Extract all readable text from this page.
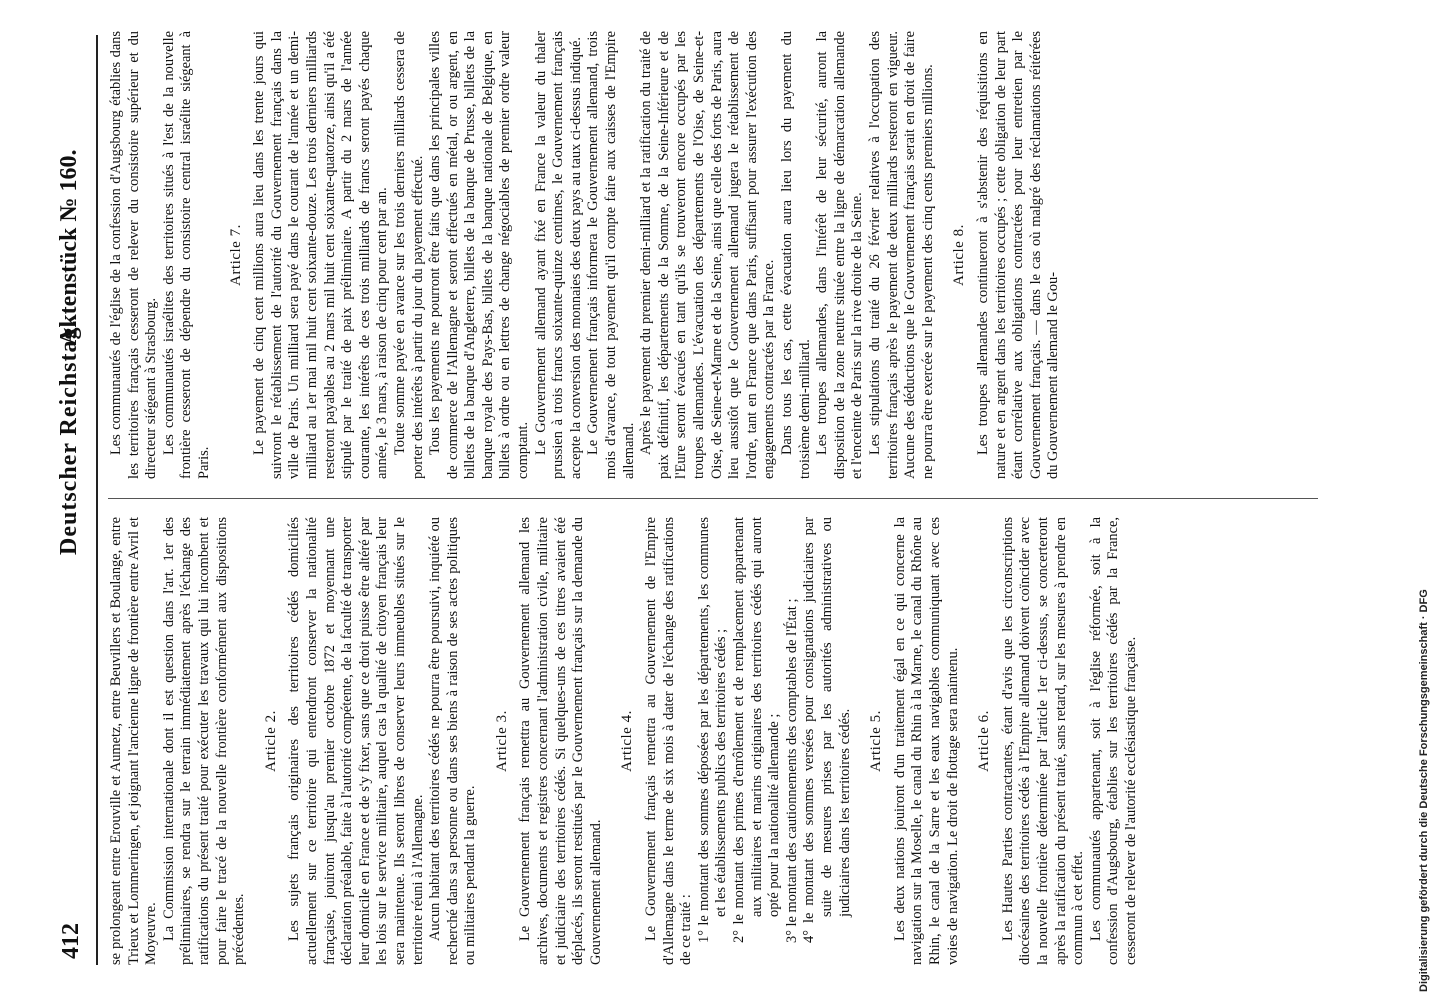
412
Deutscher Reichstag.
Aktenstück № 160.

se prolongeant entre Erouville et Aumetz, entre Beuvillers et Boulange, entre Trieux et Lommeringen, et joignant l'ancienne ligne de frontière entre Avril et Moyeuvre. La Commission internationale dont il est question dans l'art. 1er des préliminaires, se rendra sur le terrain immédiatement après l'échange des ratifications du présent traité pour exécuter les travaux qui lui incombent et pour faire le tracé de la nouvelle frontière conformément aux dispositions précédentes.

Article 2. Les sujets français originaires des territoires cédés domiciliés actuellement sur ce territoire qui entendront conserver la nationalité française, jouiront jusqu'au premier octobre 1872 et moyennant une déclaration préalable, faite à l'autorité compétente, de la faculté de transporter leur domicile en France et de s'y fixer, sans que ce droit puisse être altéré par les lois sur le service militaire, auquel cas la qualité de citoyen français leur sera maintenue. Ils seront libres de conserver leurs immeubles situés sur le territoire réuni à l'Allemagne. Aucun habitant des territoires cédés ne pourra être poursuivi, inquiété ou recherché dans sa personne ou dans ses biens à raison de ses actes politiques ou militaires pendant la guerre.

Article 3. Le Gouvernement français remettra au Gouvernement allemand les archives, documents et registres concernant l'administration civile, militaire et judiciaire des territoires cédés. Si quelques-uns de ces titres avaient été déplacés, ils seront restitués par le Gouvernement français sur la demande du Gouvernement allemand.

Article 4. Le Gouvernement français remettra au Gouvernement de l'Empire d'Allemagne dans le terme de six mois à dater de l'échange des ratifications de ce traité : 1° le montant des sommes déposées par les départements, les communes et les établissements publics des territoires cédés ; 2° le montant des primes d'enrôlement et de remplacement appartenant aux militaires et marins originaires des territoires cédés qui auront opté pour la nationalité allemande ; 3° le montant des cautionnements des comptables de l'État ; 4° le montant des sommes versées pour consignations judiciaires par suite de mesures prises par les autorités administratives ou judiciaires dans les territoires cédés. Article 5. Les deux nations jouiront d'un traitement égal en ce qui concerne la navigation sur la Moselle, le canal du Rhin à la Marne, le canal du Rhône au Rhin, le canal de la Sarre et les eaux navigables communiquant avec ces voies de navigation. Le droit de flottage sera maintenu. Article 6. Les Hautes Parties contractantes, étant d'avis que les circonscriptions diocésaines des territoires cédés à l'Empire allemand doivent coïncider avec la nouvelle frontière déterminée par l'article 1er ci-dessus, se concerteront après la ratification du présent traité, sans retard, sur les mesures à prendre en commun à cet effet. Les communautés appartenant, soit à l'église réformée, soit à la confession d'Augsbourg, établies sur les territoires cédés par la France, cesseront de relever de l'autorité ecclésiastique française.

Les communautés de l'église de la confession d'Augsbourg établies dans les territoires français cesseront de relever du consistoire supérieur et du directeur siégeant à Strasbourg. Les communautés israélites des territoires situés à l'est de la nouvelle frontière cesseront de dépendre du consistoire central israélite siégeant à Paris.

Article 7. Le payement de cinq cent millions aura lieu dans les trente jours qui suivront le rétablissement de l'autorité du Gouvernement français dans la ville de Paris. Un milliard sera payé dans le courant de l'année et un demi-milliard au 1er mai mil huit cent soixante-douze. Les trois derniers milliards resteront payables au 2 mars mil huit cent soixante-quatorze, ainsi qu'il a été stipulé par le traité de paix préliminaire. A partir du 2 mars de l'année courante, les intérêts de ces trois milliards de francs seront payés chaque année, le 3 mars, à raison de cinq pour cent par an. Toute somme payée en avance sur les trois derniers milliards cessera de porter des intérêts à partir du jour du payement effectué. Tous les payements ne pourront être faits que dans les principales villes de commerce de l'Allemagne et seront effectués en métal, or ou argent, en billets de la banque d'Angleterre, billets de la banque de Prusse, billets de la banque royale des Pays-Bas, billets de la banque nationale de Belgique, en billets à ordre ou en lettres de change négociables de premier ordre valeur comptant. Le Gouvernement allemand ayant fixé en France la valeur du thaler prussien à trois francs soixante-quinze centimes, le Gouvernement français accepte la conversion des monnaies des deux pays au taux ci-dessus indiqué. Le Gouvernement français informera le Gouvernement allemand, trois mois d'avance, de tout payement qu'il compte faire aux caisses de l'Empire allemand. Après le payement du premier demi-milliard et la ratification du traité de paix définitif, les départements de la Somme, de la Seine-Inférieure et de l'Eure seront évacués en tant qu'ils se trouveront encore occupés par les troupes allemandes. L'évacuation des départements de l'Oise, de Seine-et-Oise, de Seine-et-Marne et de la Seine, ainsi que celle des forts de Paris, aura lieu aussitôt que le Gouvernement allemand jugera le rétablissement de l'ordre, tant en France que dans Paris, suffisant pour assurer l'exécution des engagements contractés par la France. Dans tous les cas, cette évacuation aura lieu lors du payement du troisième demi-milliard. Les troupes allemandes, dans l'intérêt de leur sécurité, auront la disposition de la zone neutre située entre la ligne de démarcation allemande et l'enceinte de Paris sur la rive droite de la Seine. Les stipulations du traité du 26 février relatives à l'occupation des territoires français après le payement de deux milliards resteront en vigueur. Aucune des déductions que le Gouvernement français serait en droit de faire ne pourra être exercée sur le payement des cinq cents premiers millions. Article 8. Les troupes allemandes continueront à s'abstenir des réquisitions en nature et en argent dans les territoires occupés ; cette obligation de leur part étant corrélative aux obligations contractées pour leur entretien par le Gouvernement français. — dans le cas où malgré des réclamations réitérées du Gouvernement allemand le Gou-

Digitalisierung gefördert durch die Deutsche Forschungsgemeinschaft · DFG
